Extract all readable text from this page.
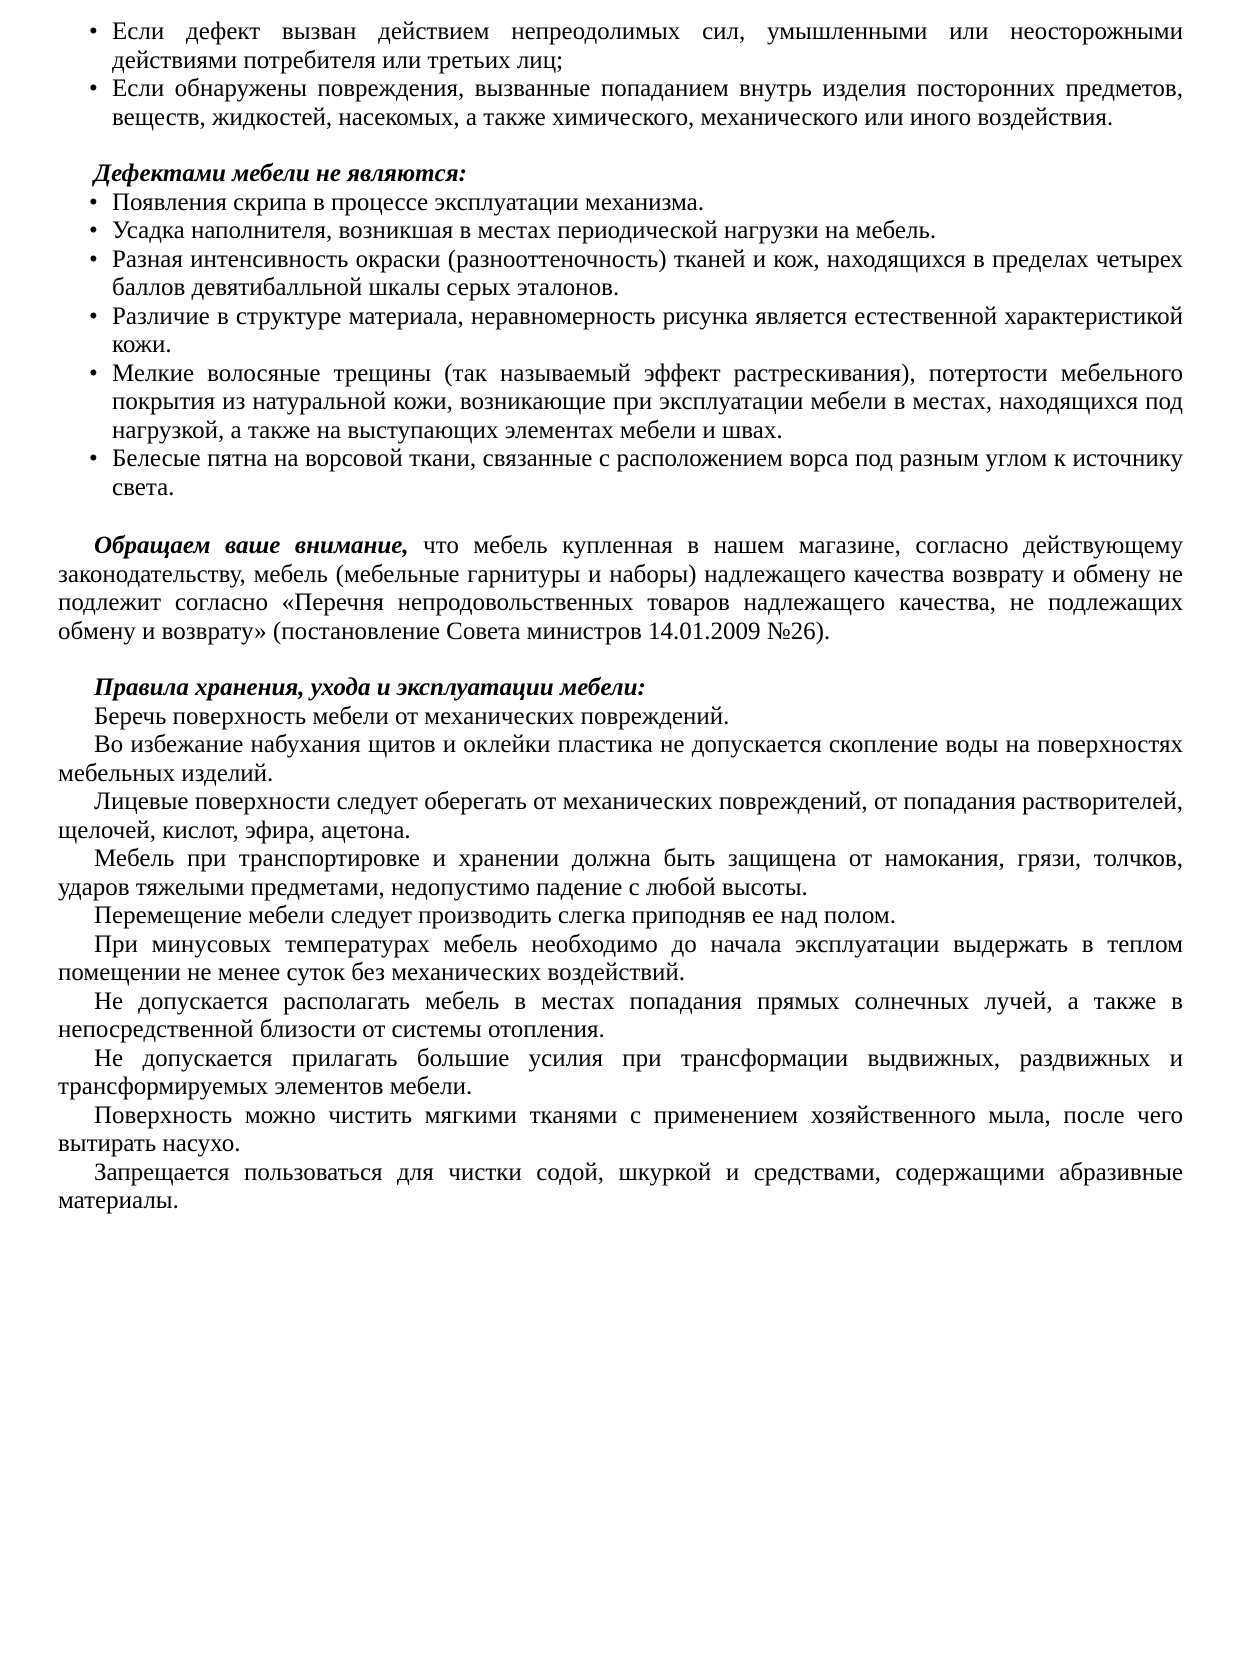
• Если дефект вызван действием непреодолимых сил, умышленными или неосторожными действиями потребителя или третьих лиц;
• Если обнаружены повреждения, вызванные попаданием внутрь изделия посторонних предметов, веществ, жидкостей, насекомых, а также химического, механического или иного воздействия.

Дефектами мебели не являются:

• Появления скрипа в процессе эксплуатации механизма.
• Усадка наполнителя, возникшая в местах периодической нагрузки на мебель.
• Разная интенсивность окраски (разнооттеночность) тканей и кож, находящихся в пределах четырех баллов девятибалльной шкалы серых эталонов.
• Различие в структуре материала, неравномерность рисунка является естественной характеристикой кожи.
• Мелкие волосяные трещины (так называемый эффект растрескивания), потертости мебельного покрытия из натуральной кожи, возникающие при эксплуатации мебели в местах, находящихся под нагрузкой, а также на выступающих элементах мебели и швах.
• Белесые пятна на ворсовой ткани, связанные с расположением ворса под разным углом к источнику света.

Обращаем ваше внимание, что мебель купленная в нашем магазине, согласно действующему законодательству, мебель (мебельные гарнитуры и наборы) надлежащего качества возврату и обмену не подлежит согласно «Перечня непродовольственных товаров надлежащего качества, не подлежащих обмену и возврату» (постановление Совета министров 14.01.2009 №26).

Правила хранения, ухода и эксплуатации мебели:

Беречь поверхность мебели от механических повреждений.

Во избежание набухания щитов и оклейки пластика не допускается скопление воды на поверхностях мебельных изделий.

Лицевые поверхности следует оберегать от механических повреждений, от попадания растворителей, щелочей, кислот, эфира, ацетона.

Мебель при транспортировке и хранении должна быть защищена от намокания, грязи, толчков, ударов тяжелыми предметами, недопустимо падение с любой высоты.

Перемещение мебели следует производить слегка приподняв ее над полом.

При минусовых температурах мебель необходимо до начала эксплуатации выдержать в теплом помещении не менее суток без механических воздействий.

Не допускается располагать мебель в местах попадания прямых солнечных лучей, а также в непосредственной близости от системы отопления.

Не допускается прилагать большие усилия при трансформации выдвижных, раздвижных и трансформируемых элементов мебели.

Поверхность можно чистить мягкими тканями с применением хозяйственного мыла, после чего вытирать насухо.

Запрещается пользоваться для чистки содой, шкуркой и средствами, содержащими абразивные материалы.
